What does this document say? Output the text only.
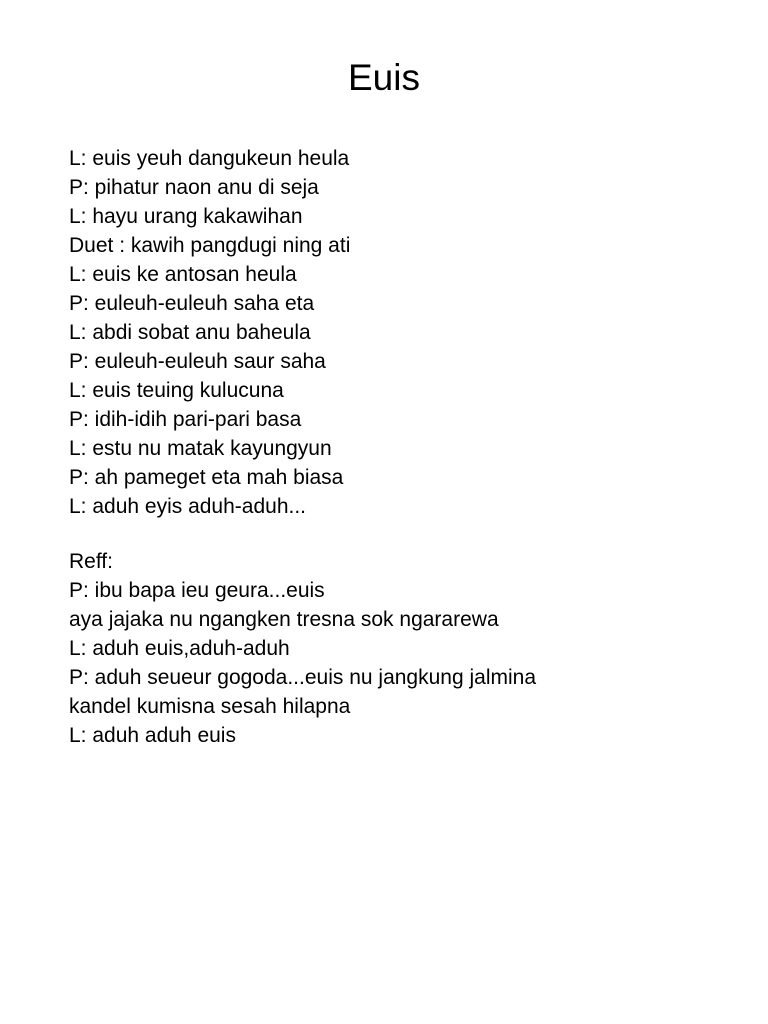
Euis
L: euis yeuh dangukeun heula
P: pihatur naon anu di seja
L: hayu urang kakawihan
Duet : kawih pangdugi ning ati
L: euis ke antosan heula
P: euleuh-euleuh saha eta
L: abdi sobat anu baheula
P: euleuh-euleuh saur saha
L: euis teuing kulucuna
P: idih-idih pari-pari basa
L: estu nu matak kayungyun
P: ah pameget eta mah biasa
L: aduh eyis aduh-aduh...
Reff:
P: ibu bapa ieu geura...euis
aya jajaka nu ngangken tresna sok ngararewa
L: aduh euis,aduh-aduh
P: aduh seueur gogoda...euis nu jangkung jalmina
kandel kumisna sesah hilapna
L: aduh aduh euis
